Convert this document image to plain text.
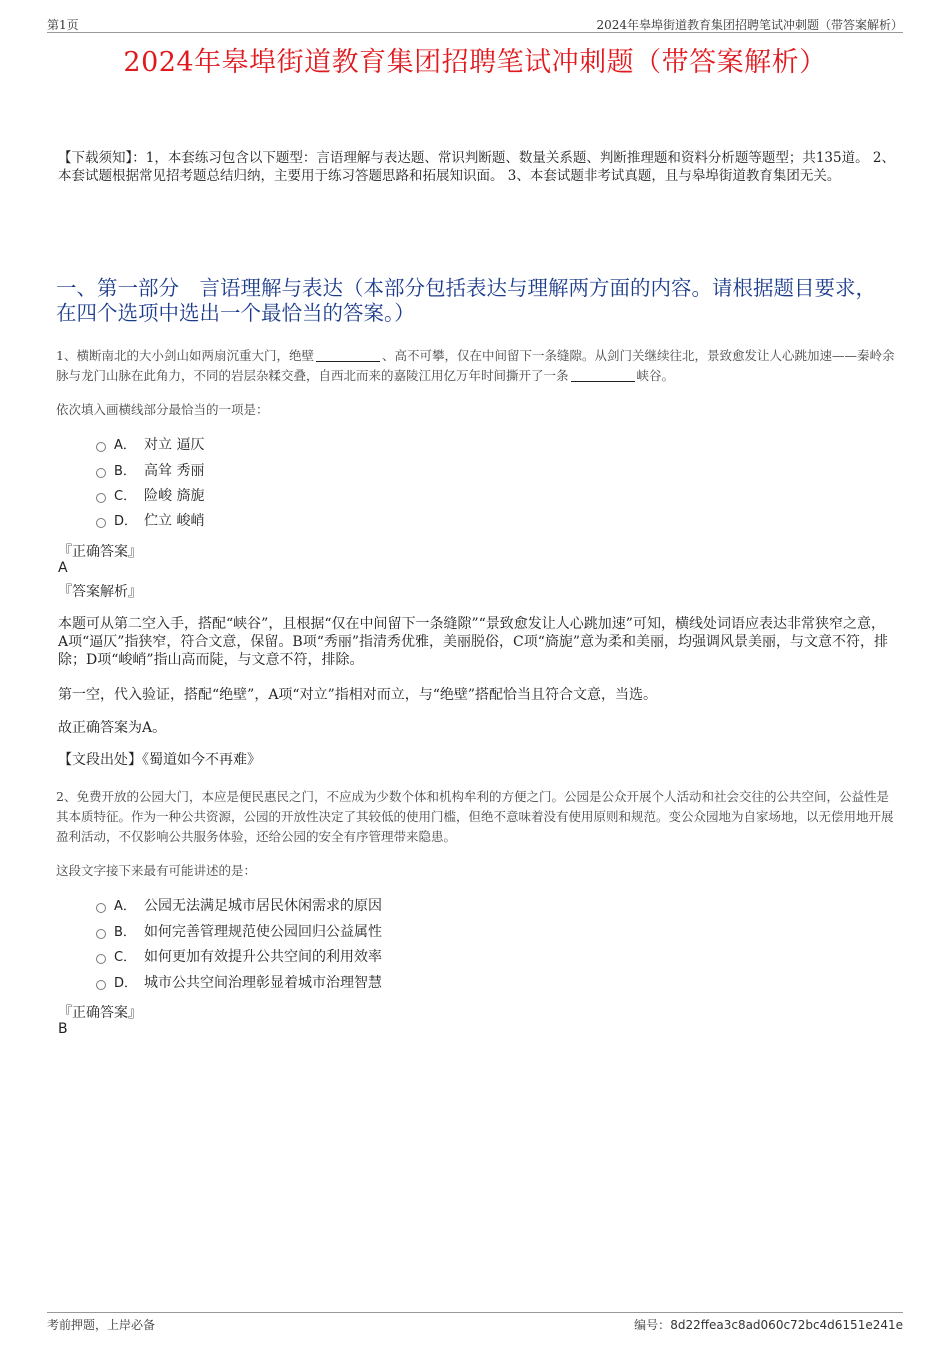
第1页	2024年皋埠街道教育集团招聘笔试冲刺题（带答案解析）
2024年皋埠街道教育集团招聘笔试冲刺题（带答案解析）
【下载须知】：1，本套练习包含以下题型：言语理解与表达题、常识判断题、数量关系题、判断推理题和资料分析题等题型；共135道。 2、本套试题根据常见招考题总结归纳，主要用于练习答题思路和拓展知识面。 3、本套试题非考试真题，且与皋埠街道教育集团无关。
一、第一部分　言语理解与表达（本部分包括表达与理解两方面的内容。请根据题目要求，在四个选项中选出一个最恰当的答案。）
1、横断南北的大小剑山如两扇沉重大门，绝壁	、高不可攀，仅在中间留下一条缝隙。从剑门关继续往北，景致愈发让人心跳加速——秦岭余脉与龙门山脉在此角力，不同的岩层杂糅交叠，自西北而来的嘉陵江用亿万年时间撕开了一条	峡谷。
依次填入画横线部分最恰当的一项是：
A． 对立 逼仄
B． 高耸 秀丽
C． 险峻 旖旎
D． 伫立 峻峭
『正确答案』
A
『答案解析』
本题可从第二空入手，搭配“峡谷”，且根据“仅在中间留下一条缝隙”“景致愈发让人心跳加速”可知，横线处词语应表达非常狭窄之意，A项“逼仄”指狭窄，符合文意，保留。B项“秀丽”指清秀优雅，美丽脱俗，C项“旖旎”意为柔和美丽，均强调风景美丽，与文意不符，排除；D项“峻峭”指山高而陡，与文意不符，排除。
第一空，代入验证，搭配“绝壁”，A项“对立”指相对而立，与“绝壁”搭配恰当且符合文意，当选。
故正确答案为A。
【文段出处】《蜀道如今不再难》
2、免费开放的公园大门，本应是便民惠民之门，不应成为少数个体和机构牟利的方便之门。公园是公众开展个人活动和社会交往的公共空间，公益性是其本质特征。作为一种公共资源，公园的开放性决定了其较低的使用门槛，但绝不意味着没有使用原则和规范。变公众园地为自家场地，以无偿用地开展盈利活动，不仅影响公共服务体验，还给公园的安全有序管理带来隐患。
这段文字接下来最有可能讲述的是：
A． 公园无法满足城市居民休闲需求的原因
B． 如何完善管理规范使公园回归公益属性
C． 如何更加有效提升公共空间的利用效率
D． 城市公共空间治理彰显着城市治理智慧
『正确答案』
B
考前押题，上岸必备	编号：8d22ffea3c8ad060c72bc4d6151e241e
